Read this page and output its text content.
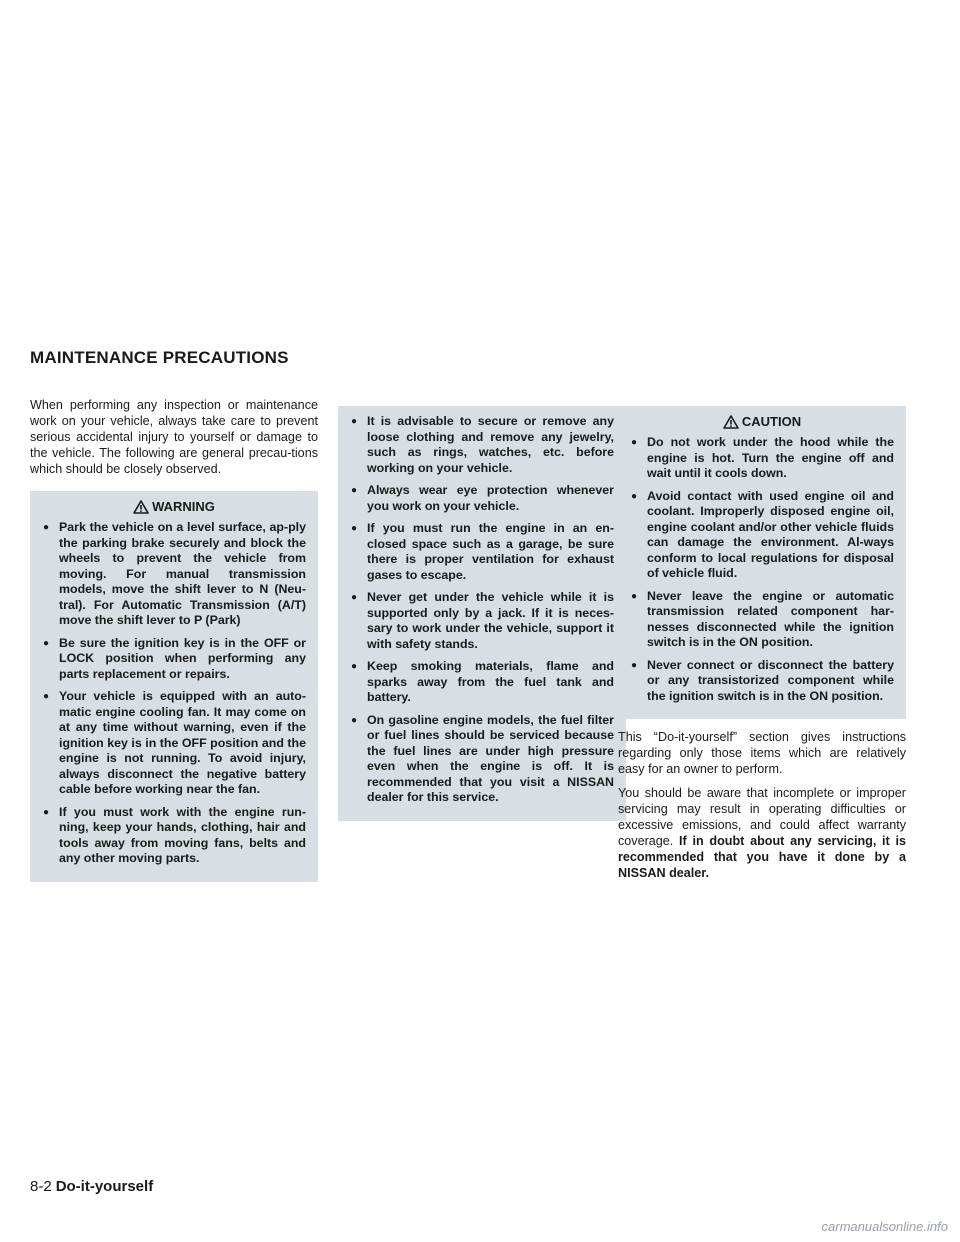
MAINTENANCE PRECAUTIONS

When performing any inspection or maintenance work on your vehicle, always take care to prevent serious accidental injury to yourself or damage to the vehicle. The following are general precau-tions which should be closely observed.

WARNING
● Park the vehicle on a level surface, ap-ply the parking brake securely and block the wheels to prevent the vehicle from moving. For manual transmission models, move the shift lever to N (Neu-tral). For Automatic Transmission (A/T) move the shift lever to P (Park)
● Be sure the ignition key is in the OFF or LOCK position when performing any parts replacement or repairs.
● Your vehicle is equipped with an auto-matic engine cooling fan. It may come on at any time without warning, even if the ignition key is in the OFF position and the engine is not running. To avoid injury, always disconnect the negative battery cable before working near the fan.
● If you must work with the engine run-ning, keep your hands, clothing, hair and tools away from moving fans, belts and any other moving parts.
● It is advisable to secure or remove any loose clothing and remove any jewelry, such as rings, watches, etc. before working on your vehicle.
● Always wear eye protection whenever you work on your vehicle.
● If you must run the engine in an en-closed space such as a garage, be sure there is proper ventilation for exhaust gases to escape.
● Never get under the vehicle while it is supported only by a jack. If it is neces-sary to work under the vehicle, support it with safety stands.
● Keep smoking materials, flame and sparks away from the fuel tank and battery.
● On gasoline engine models, the fuel filter or fuel lines should be serviced because the fuel lines are under high pressure even when the engine is off. It is recommended that you visit a NISSAN dealer for this service.
CAUTION
● Do not work under the hood while the engine is hot. Turn the engine off and wait until it cools down.
● Avoid contact with used engine oil and coolant. Improperly disposed engine oil, engine coolant and/or other vehicle fluids can damage the environment. Al-ways conform to local regulations for disposal of vehicle fluid.
● Never leave the engine or automatic transmission related component har-nesses disconnected while the ignition switch is in the ON position.
● Never connect or disconnect the battery or any transistorized component while the ignition switch is in the ON position.

This “Do-it-yourself” section gives instructions regarding only those items which are relatively easy for an owner to perform.

You should be aware that incomplete or improper servicing may result in operating difficulties or excessive emissions, and could affect warranty coverage. If in doubt about any servicing, it is recommended that you have it done by a NISSAN dealer.

8-2 Do-it-yourself
carmanualsonline.info
